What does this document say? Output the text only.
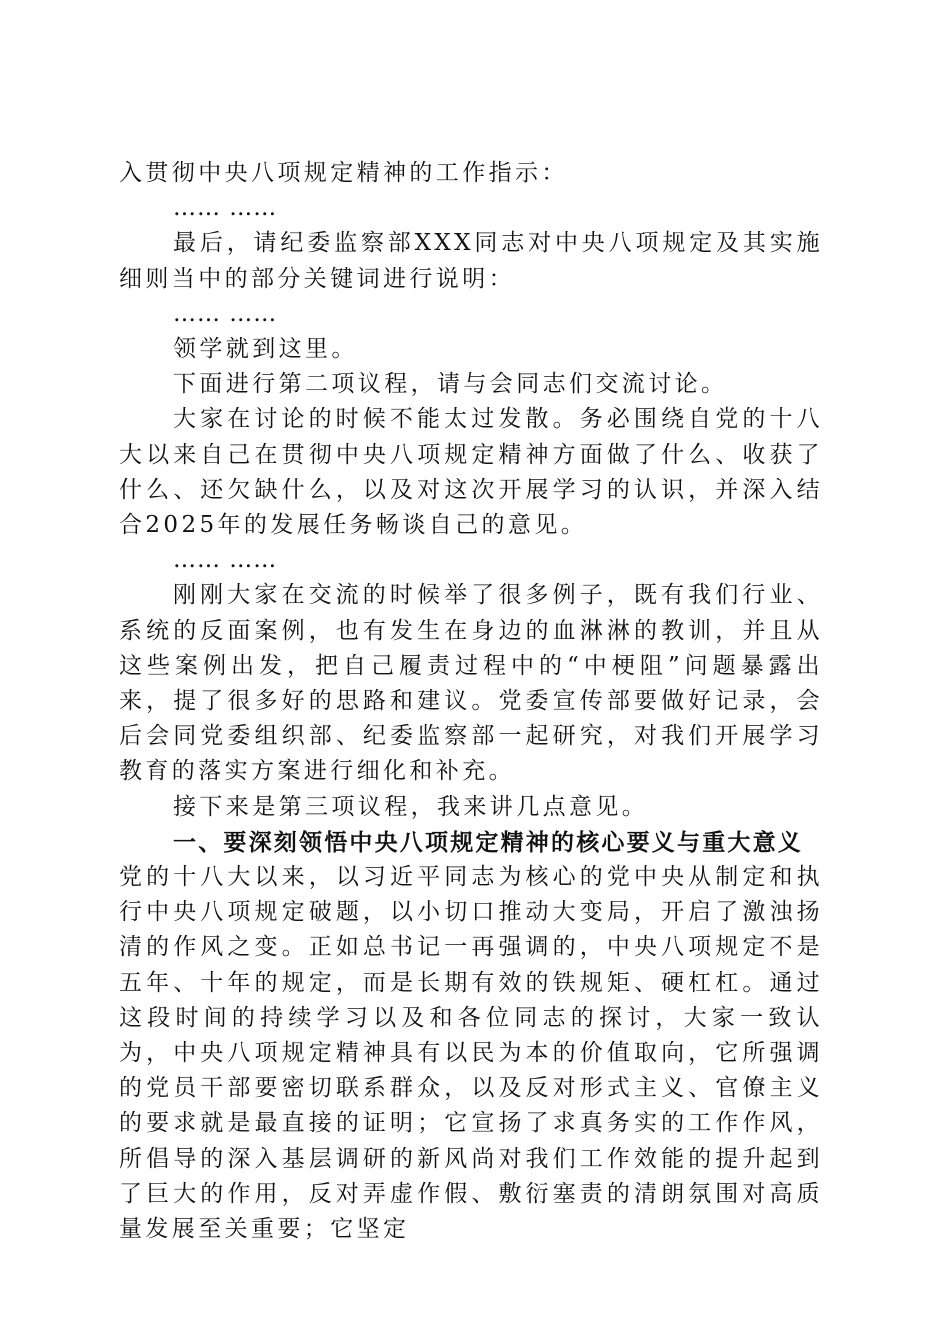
入贯彻中央八项规定精神的工作指示：

…… ……

最后，请纪委监察部XXX同志对中央八项规定及其实施细则当中的部分关键词进行说明：

…… ……

领学就到这里。

下面进行第二项议程，请与会同志们交流讨论。

大家在讨论的时候不能太过发散。务必围绕自党的十八大以来自己在贯彻中央八项规定精神方面做了什么、收获了什么、还欠缺什么，以及对这次开展学习的认识，并深入结合2025年的发展任务畅谈自己的意见。

…… ……

刚刚大家在交流的时候举了很多例子，既有我们行业、系统的反面案例，也有发生在身边的血淋淋的教训，并且从这些案例出发，把自己履责过程中的“中梗阻”问题暴露出来，提了很多好的思路和建议。党委宣传部要做好记录，会后会同党委组织部、纪委监察部一起研究，对我们开展学习教育的落实方案进行细化和补充。

接下来是第三项议程，我来讲几点意见。

一、要深刻领悟中央八项规定精神的核心要义与重大意义

党的十八大以来，以习近平同志为核心的党中央从制定和执行中央八项规定破题，以小切口推动大变局，开启了激浊扬清的作风之变。正如总书记一再强调的，中央八项规定不是五年、十年的规定，而是长期有效的铁规矩、硬杠杠。通过这段时间的持续学习以及和各位同志的探讨，大家一致认为，中央八项规定精神具有以民为本的价值取向，它所强调的党员干部要密切联系群众，以及反对形式主义、官僚主义的要求就是最直接的证明；它宣扬了求真务实的工作作风，所倡导的深入基层调研的新风尚对我们工作效能的提升起到了巨大的作用，反对弄虚作假、敷衍塞责的清朗氛围对高质量发展至关重要；它坚定
